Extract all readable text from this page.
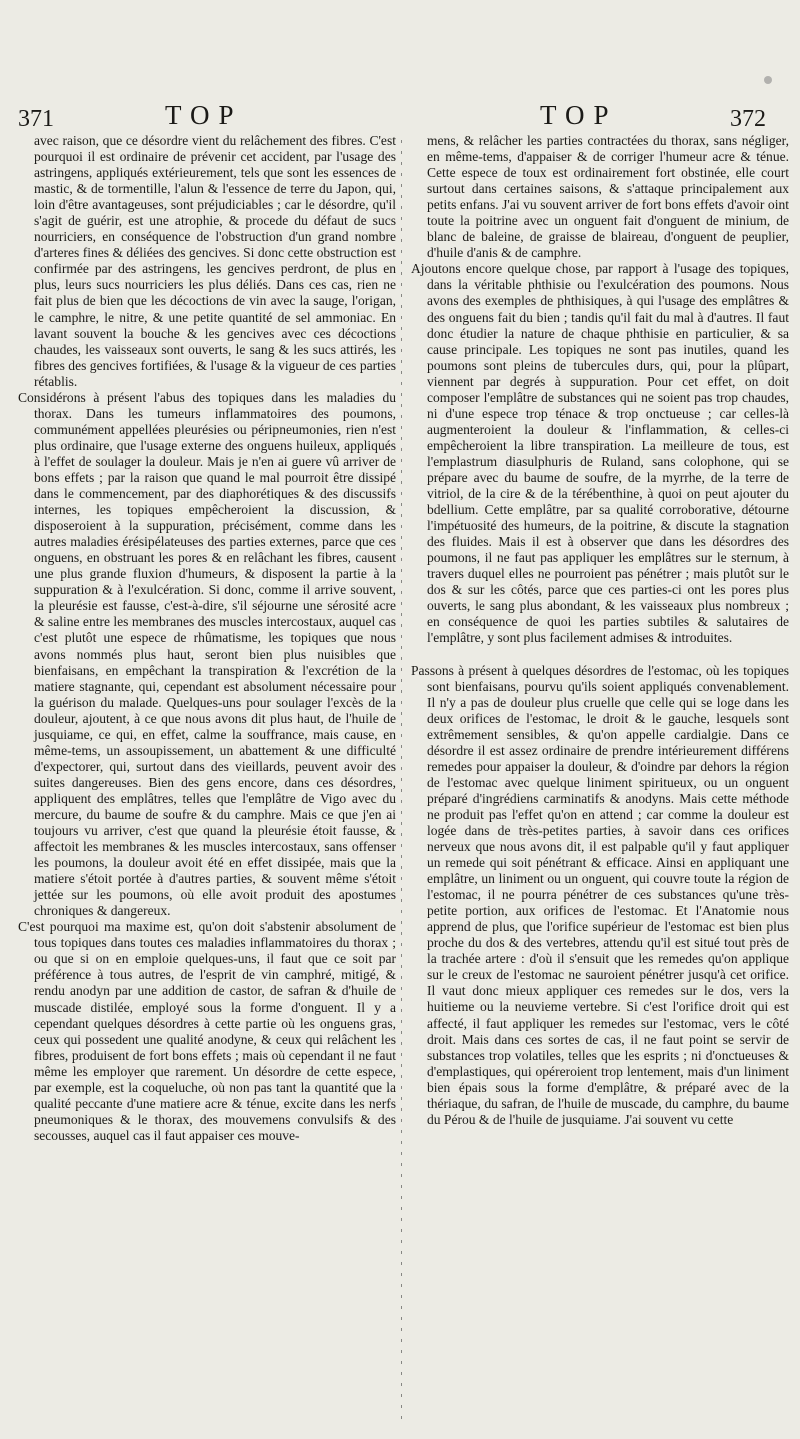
371	TOP	TOP	372

avec raison, que ce désordre vient du relâchement des fibres. C'est pourquoi il est ordinaire de prévenir cet accident, par l'usage des astringens, appliqués extérieurement, tels que sont les essences de mastic, & de tormentille, l'alun & l'essence de terre du Japon, qui, loin d'être avantageuses, sont préjudiciables ; car le désordre, qu'il s'agit de guérir, est une atrophie, & procede du défaut de sucs nourriciers, en conséquence de l'obstruction d'un grand nombre d'arteres fines & déliées des gencives. Si donc cette obstruction est confirmée par des astringens, les gencives perdront, de plus en plus, leurs sucs nourriciers les plus déliés. Dans ces cas, rien ne fait plus de bien que les décoctions de vin avec la sauge, l'origan, le camphre, le nitre, & une petite quantité de sel ammoniac. En lavant souvent la bouche & les gencives avec ces décoctions chaudes, les vaisseaux sont ouverts, le sang & les sucs attirés, les fibres des gencives fortifiées, & l'usage & la vigueur de ces parties rétablis.

Considérons à présent l'abus des topiques dans les maladies du thorax. Dans les tumeurs inflammatoires des poumons, communément appellées pleurésies ou péripneumonies, rien n'est plus ordinaire, que l'usage externe des onguens huileux, appliqués à l'effet de soulager la douleur. Mais je n'en ai guere vû arriver de bons effets ; par la raison que quand le mal pourroit être dissipé dans le commencement, par des diaphorétiques & des discussifs internes, les topiques empêcheroient la discussion, & disposeroient à la suppuration, précisément, comme dans les autres maladies érésipélateuses des parties externes, parce que ces onguens, en obstruant les pores & en relâchant les fibres, causent une plus grande fluxion d'humeurs, & disposent la partie à la suppuration & à l'exulcération. Si donc, comme il arrive souvent, la pleurésie est fausse, c'est-à-dire, s'il séjourne une sérosité acre & saline entre les membranes des muscles intercostaux, auquel cas c'est plutôt une espece de rhûmatisme, les topiques que nous avons nommés plus haut, seront bien plus nuisibles que bienfaisans, en empêchant la transpiration & l'excrétion de la matiere stagnante, qui, cependant est absolument nécessaire pour la guérison du malade. Quelques-uns pour soulager l'excès de la douleur, ajoutent, à ce que nous avons dit plus haut, de l'huile de jusquiame, ce qui, en effet, calme la souffrance, mais cause, en même-tems, un assoupissement, un abattement & une difficulté d'expectorer, qui, surtout dans des vieillards, peuvent avoir des suites dangereuses. Bien des gens encore, dans ces désordres, appliquent des emplâtres, telles que l'emplâtre de Vigo avec du mercure, du baume de soufre & du camphre. Mais ce que j'en ai toujours vu arriver, c'est que quand la pleurésie étoit fausse, & affectoit les membranes & les muscles intercostaux, sans offenser les poumons, la douleur avoit été en effet dissipée, mais que la matiere s'étoit portée à d'autres parties, & souvent même s'étoit jettée sur les poumons, où elle avoit produit des apostumes chroniques & dangereux.

C'est pourquoi ma maxime est, qu'on doit s'abstenir absolument de tous topiques dans toutes ces maladies inflammatoires du thorax ; ou que si on en emploie quelques-uns, il faut que ce soit par préférence à tous autres, de l'esprit de vin camphré, mitigé, & rendu anodyn par une addition de castor, de safran & d'huile de muscade distilée, employé sous la forme d'onguent. Il y a cependant quelques désordres à cette partie où les onguens gras, ceux qui possedent une qualité anodyne, & ceux qui relâchent les fibres, produisent de fort bons effets ; mais où cependant il ne faut même les employer que rarement. Un désordre de cette espece, par exemple, est la coqueluche, où non pas tant la quantité que la qualité peccante d'une matiere acre & ténue, excite dans les nerfs pneumoniques & le thorax, des mouvemens convulsifs & des secousses, auquel cas il faut appaiser ces mouve-

mens, & relâcher les parties contractées du thorax, sans négliger, en même-tems, d'appaiser & de corriger l'humeur acre & ténue. Cette espece de toux est ordinairement fort obstinée, elle court surtout dans certaines saisons, & s'attaque principalement aux petits enfans. J'ai vu souvent arriver de fort bons effets d'avoir oint toute la poitrine avec un onguent fait d'onguent de minium, de blanc de baleine, de graisse de blaireau, d'onguent de peuplier, d'huile d'anis & de camphre.

Ajoutons encore quelque chose, par rapport à l'usage des topiques, dans la véritable phthisie ou l'exulcération des poumons. Nous avons des exemples de phthisiques, à qui l'usage des emplâtres & des onguens fait du bien ; tandis qu'il fait du mal à d'autres. Il faut donc étudier la nature de chaque phthisie en particulier, & sa cause principale. Les topiques ne sont pas inutiles, quand les poumons sont pleins de tubercules durs, qui, pour la plûpart, viennent par degrés à suppuration. Pour cet effet, on doit composer l'emplâtre de substances qui ne soient pas trop chaudes, ni d'une espece trop ténace & trop onctueuse ; car celles-là augmenteroient la douleur & l'inflammation, & celles-ci empêcheroient la libre transpiration. La meilleure de tous, est l'emplastrum diasulphuris de Ruland, sans colophone, qui se prépare avec du baume de soufre, de la myrrhe, de la terre de vitriol, de la cire & de la térébenthine, à quoi on peut ajouter du bdellium. Cette emplâtre, par sa qualité corroborative, détourne l'impétuosité des humeurs, de la poitrine, & discute la stagnation des fluides. Mais il est à observer que dans les désordres des poumons, il ne faut pas appliquer les emplâtres sur le sternum, à travers duquel elles ne pourroient pas pénétrer ; mais plutôt sur le dos & sur les côtés, parce que ces parties-ci ont les pores plus ouverts, le sang plus abondant, & les vaisseaux plus nombreux ; en conséquence de quoi les parties subtiles & salutaires de l'emplâtre, y sont plus facilement admises & introduites.

Passons à présent à quelques désordres de l'estomac, où les topiques sont bienfaisans, pourvu qu'ils soient appliqués convenablement. Il n'y a pas de douleur plus cruelle que celle qui se loge dans les deux orifices de l'estomac, le droit & le gauche, lesquels sont extrêmement sensibles, & qu'on appelle cardialgie. Dans ce désordre il est assez ordinaire de prendre intérieurement différens remedes pour appaiser la douleur, & d'oindre par dehors la région de l'estomac avec quelque liniment spiritueux, ou un onguent préparé d'ingrédiens carminatifs & anodyns. Mais cette méthode ne produit pas l'effet qu'on en attend ; car comme la douleur est logée dans de très-petites parties, à savoir dans ces orifices nerveux que nous avons dit, il est palpable qu'il y faut appliquer un remede qui soit pénétrant & efficace. Ainsi en appliquant une emplâtre, un liniment ou un onguent, qui couvre toute la région de l'estomac, il ne pourra pénétrer de ces substances qu'une très-petite portion, aux orifices de l'estomac. Et l'Anatomie nous apprend de plus, que l'orifice supérieur de l'estomac est bien plus proche du dos & des vertebres, attendu qu'il est situé tout près de la trachée artere : d'où il s'ensuit que les remedes qu'on applique sur le creux de l'estomac ne sauroient pénétrer jusqu'à cet orifice. Il vaut donc mieux appliquer ces remedes sur le dos, vers la huitieme ou la neuvieme vertebre. Si c'est l'orifice droit qui est affecté, il faut appliquer les remedes sur l'estomac, vers le côté droit. Mais dans ces sortes de cas, il ne faut point se servir de substances trop volatiles, telles que les esprits ; ni d'onctueuses & d'emplastiques, qui opéreroient trop lentement, mais d'un liniment bien épais sous la forme d'emplâtre, & préparé avec de la thériaque, du safran, de l'huile de muscade, du camphre, du baume du Pérou & de l'huile de jusquiame. J'ai souvent vu cette
